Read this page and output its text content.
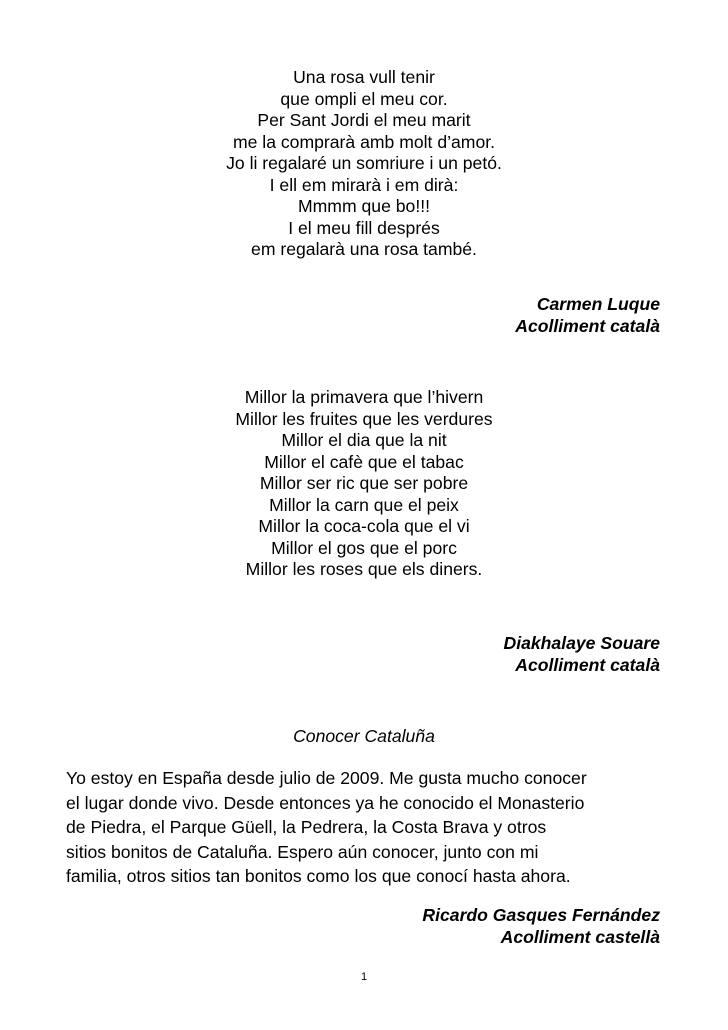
Una rosa vull tenir
que ompli el meu cor.
Per Sant Jordi el meu marit
me la comprarà amb molt d’amor.
Jo li regalaré un somriure i un petó.
I ell em mirarà i em dirà:
Mmmm que bo!!!
I el meu fill després
em regalarà una rosa també.
Carmen Luque
Acolliment català
Millor la primavera que l’hivern
Millor les fruites que les verdures
Millor el dia que la nit
Millor el cafè que el tabac
Millor ser ric que ser pobre
Millor la carn que el peix
Millor la coca-cola que el vi
Millor el gos que el porc
Millor les roses que els diners.
Diakhalaye Souare
Acolliment català
Conocer Cataluña
Yo estoy en España desde julio de 2009. Me gusta mucho conocer
el lugar donde vivo. Desde entonces ya he conocido el Monasterio
de Piedra, el Parque Güell, la Pedrera, la Costa Brava y otros
sitios bonitos de Cataluña. Espero aún conocer, junto con mi
familia, otros sitios tan bonitos como los que conocí hasta ahora.
Ricardo Gasques Fernández
Acolliment castellà
1
